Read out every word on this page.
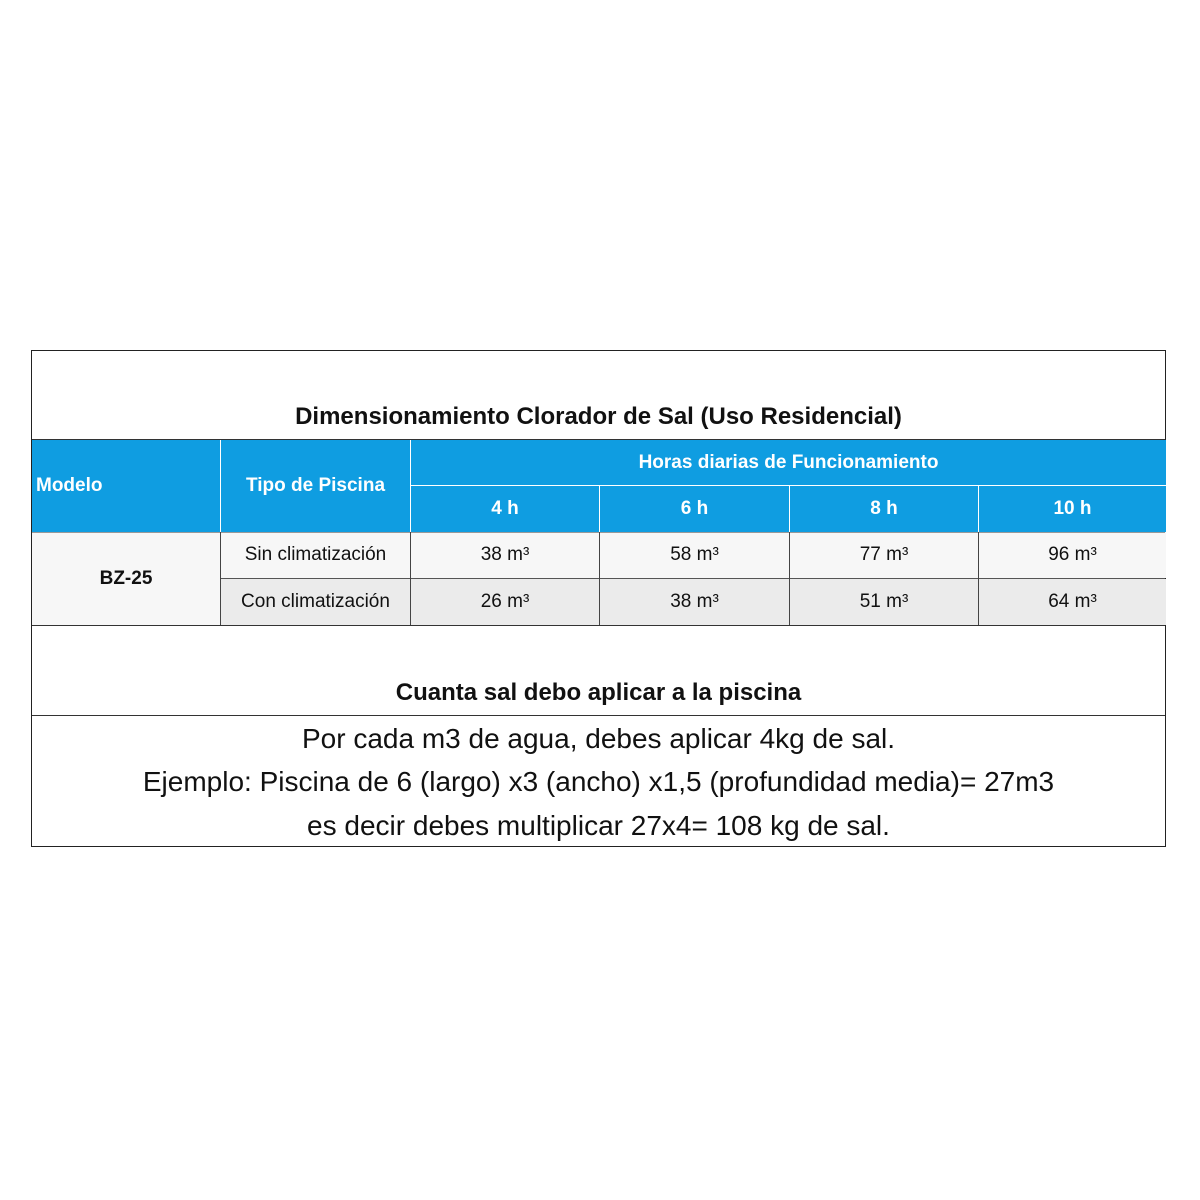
Dimensionamiento Clorador de Sal (Uso Residencial)
Modelo	Tipo de Piscina
Horas diarias de Funcionamiento
4 h	6 h	8 h	10 h
BZ-25
Sin climatización	38 m³	58 m³	77 m³	96 m³
Con climatización	26 m³	38 m³	51 m³	64 m³
Cuanta sal debo aplicar a la piscina
Por cada m3 de agua, debes aplicar 4kg de sal.
Ejemplo: Piscina de 6 (largo) x3 (ancho) x1,5 (profundidad media)= 27m3
es decir debes multiplicar 27x4= 108 kg de sal.
